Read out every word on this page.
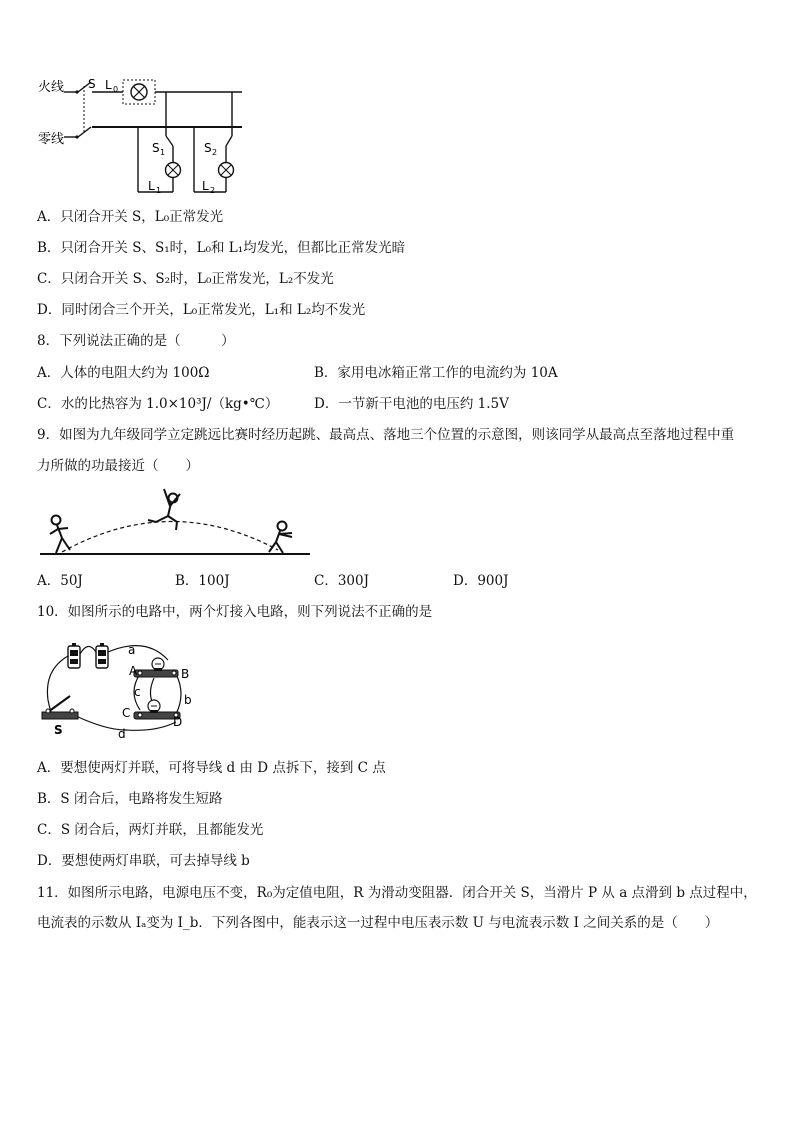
火线
零线
S L 0
S 1
L 1
S 2
L 2
A．只闭合开关 S，L₀正常发光
B．只闭合开关 S、S₁时，L₀和 L₁均发光，但都比正常发光暗
C．只闭合开关 S、S₂时，L₀正常发光，L₂不发光
D．同时闭合三个开关，L₀正常发光，L₁和 L₂均不发光
8．下列说法正确的是（　　　）
A．人体的电阻大约为 100Ω	B．家用电冰箱正常工作的电流约为 10A
C．水的比热容为 1.0×10³J/（kg•℃）	D．一节新干电池的电压约 1.5V
9．如图为九年级同学立定跳远比赛时经历起跳、最高点、落地三个位置的示意图，则该同学从最高点至落地过程中重
力所做的功最接近（　　）
A．50J	B．100J	C．300J	D．900J
10．如图所示的电路中，两个灯接入电路，则下列说法不正确的是
a
A	B
c
b
C
D
d
S
A．要想使两灯并联，可将导线 d 由 D 点拆下，接到 C 点
B．S 闭合后，电路将发生短路
C．S 闭合后，两灯并联，且都能发光
D．要想使两灯串联，可去掉导线 b
11．如图所示电路，电源电压不变，R₀为定值电阻，R 为滑动变阻器．闭合开关 S，当滑片 P 从 a 点滑到 b 点过程中，
电流表的示数从 Iₐ变为 I_b．下列各图中，能表示这一过程中电压表示数 U 与电流表示数 I 之间关系的是（　　）
